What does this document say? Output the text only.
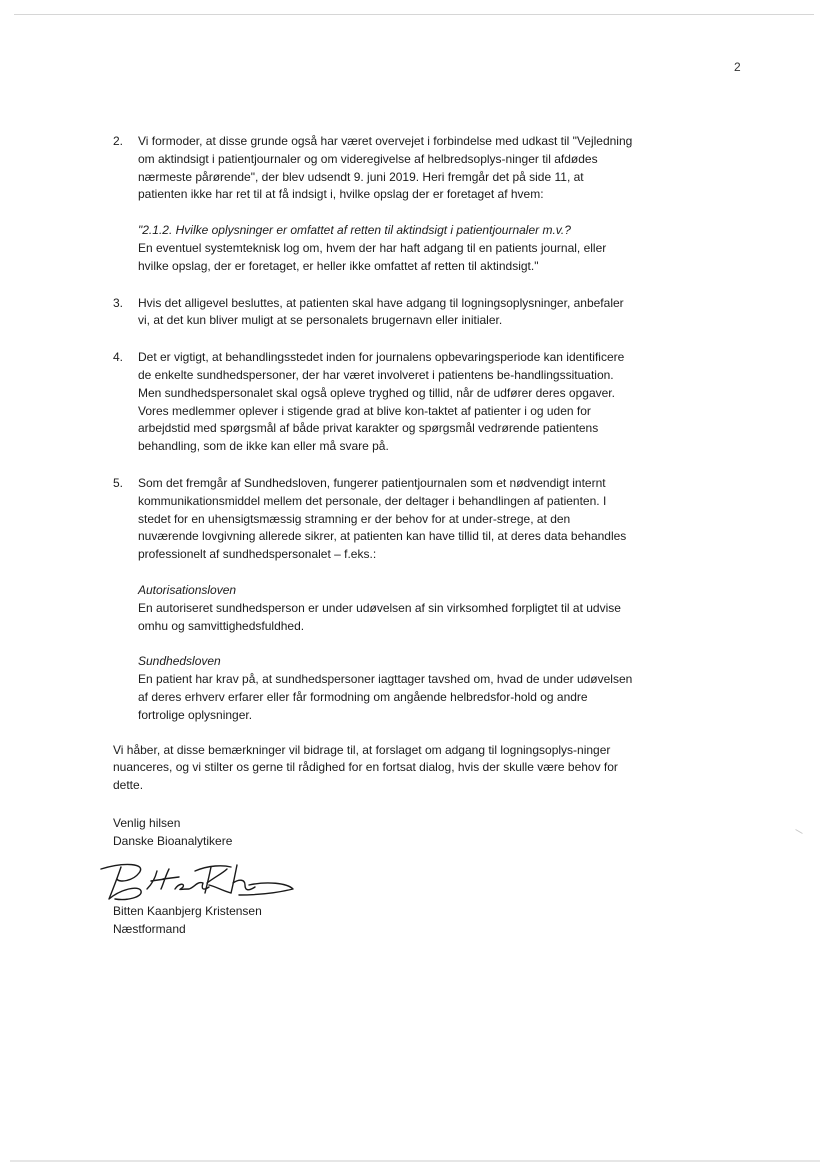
2
2. Vi formoder, at disse grunde også har været overvejet i forbindelse med udkast til "Vejledning om aktindsigt i patientjournaler og om videregivelse af helbredsoplys-ninger til afdødes nærmeste pårørende", der blev udsendt 9. juni 2019. Heri fremgår det på side 11, at patienten ikke har ret til at få indsigt i, hvilke opslag der er foretaget af hvem:

"2.1.2. Hvilke oplysninger er omfattet af retten til aktindsigt i patientjournaler m.v.?

En eventuel systemteknisk log om, hvem der har haft adgang til en patients journal, eller hvilke opslag, der er foretaget, er heller ikke omfattet af retten til aktindsigt."

3. Hvis det alligevel besluttes, at patienten skal have adgang til logningsoplysninger, anbefaler vi, at det kun bliver muligt at se personalets brugernavn eller initialer.

4. Det er vigtigt, at behandlingsstedet inden for journalens opbevaringsperiode kan identificere de enkelte sundhedspersoner, der har været involveret i patientens be-handlingssituation. Men sundhedspersonalet skal også opleve tryghed og tillid, når de udfører deres opgaver. Vores medlemmer oplever i stigende grad at blive kon-taktet af patienter i og uden for arbejdstid med spørgsmål af både privat karakter og spørgsmål vedrørende patientens behandling, som de ikke kan eller må svare på.

5. Som det fremgår af Sundhedsloven, fungerer patientjournalen som et nødvendigt internt kommunikationsmiddel mellem det personale, der deltager i behandlingen af patienten. I stedet for en uhensigtsmæssig stramning er der behov for at under-strege, at den nuværende lovgivning allerede sikrer, at patienten kan have tillid til, at deres data behandles professionelt af sundhedspersonalet – f.eks.:

Autorisationsloven

En autoriseret sundhedsperson er under udøvelsen af sin virksomhed forpligtet til at udvise omhu og samvittighedsfuldhed.

Sundhedsloven

En patient har krav på, at sundhedspersoner iagttager tavshed om, hvad de under udøvelsen af deres erhverv erfarer eller får formodning om angående helbredsfor-hold og andre fortrolige oplysninger.

Vi håber, at disse bemærkninger vil bidrage til, at forslaget om adgang til logningsoplys-ninger nuanceres, og vi stilter os gerne til rådighed for en fortsat dialog, hvis der skulle være behov for dette.

Venlig hilsen

Danske Bioanalytikere

Bitten Kaanbjerg Kristensen

Næstformand
